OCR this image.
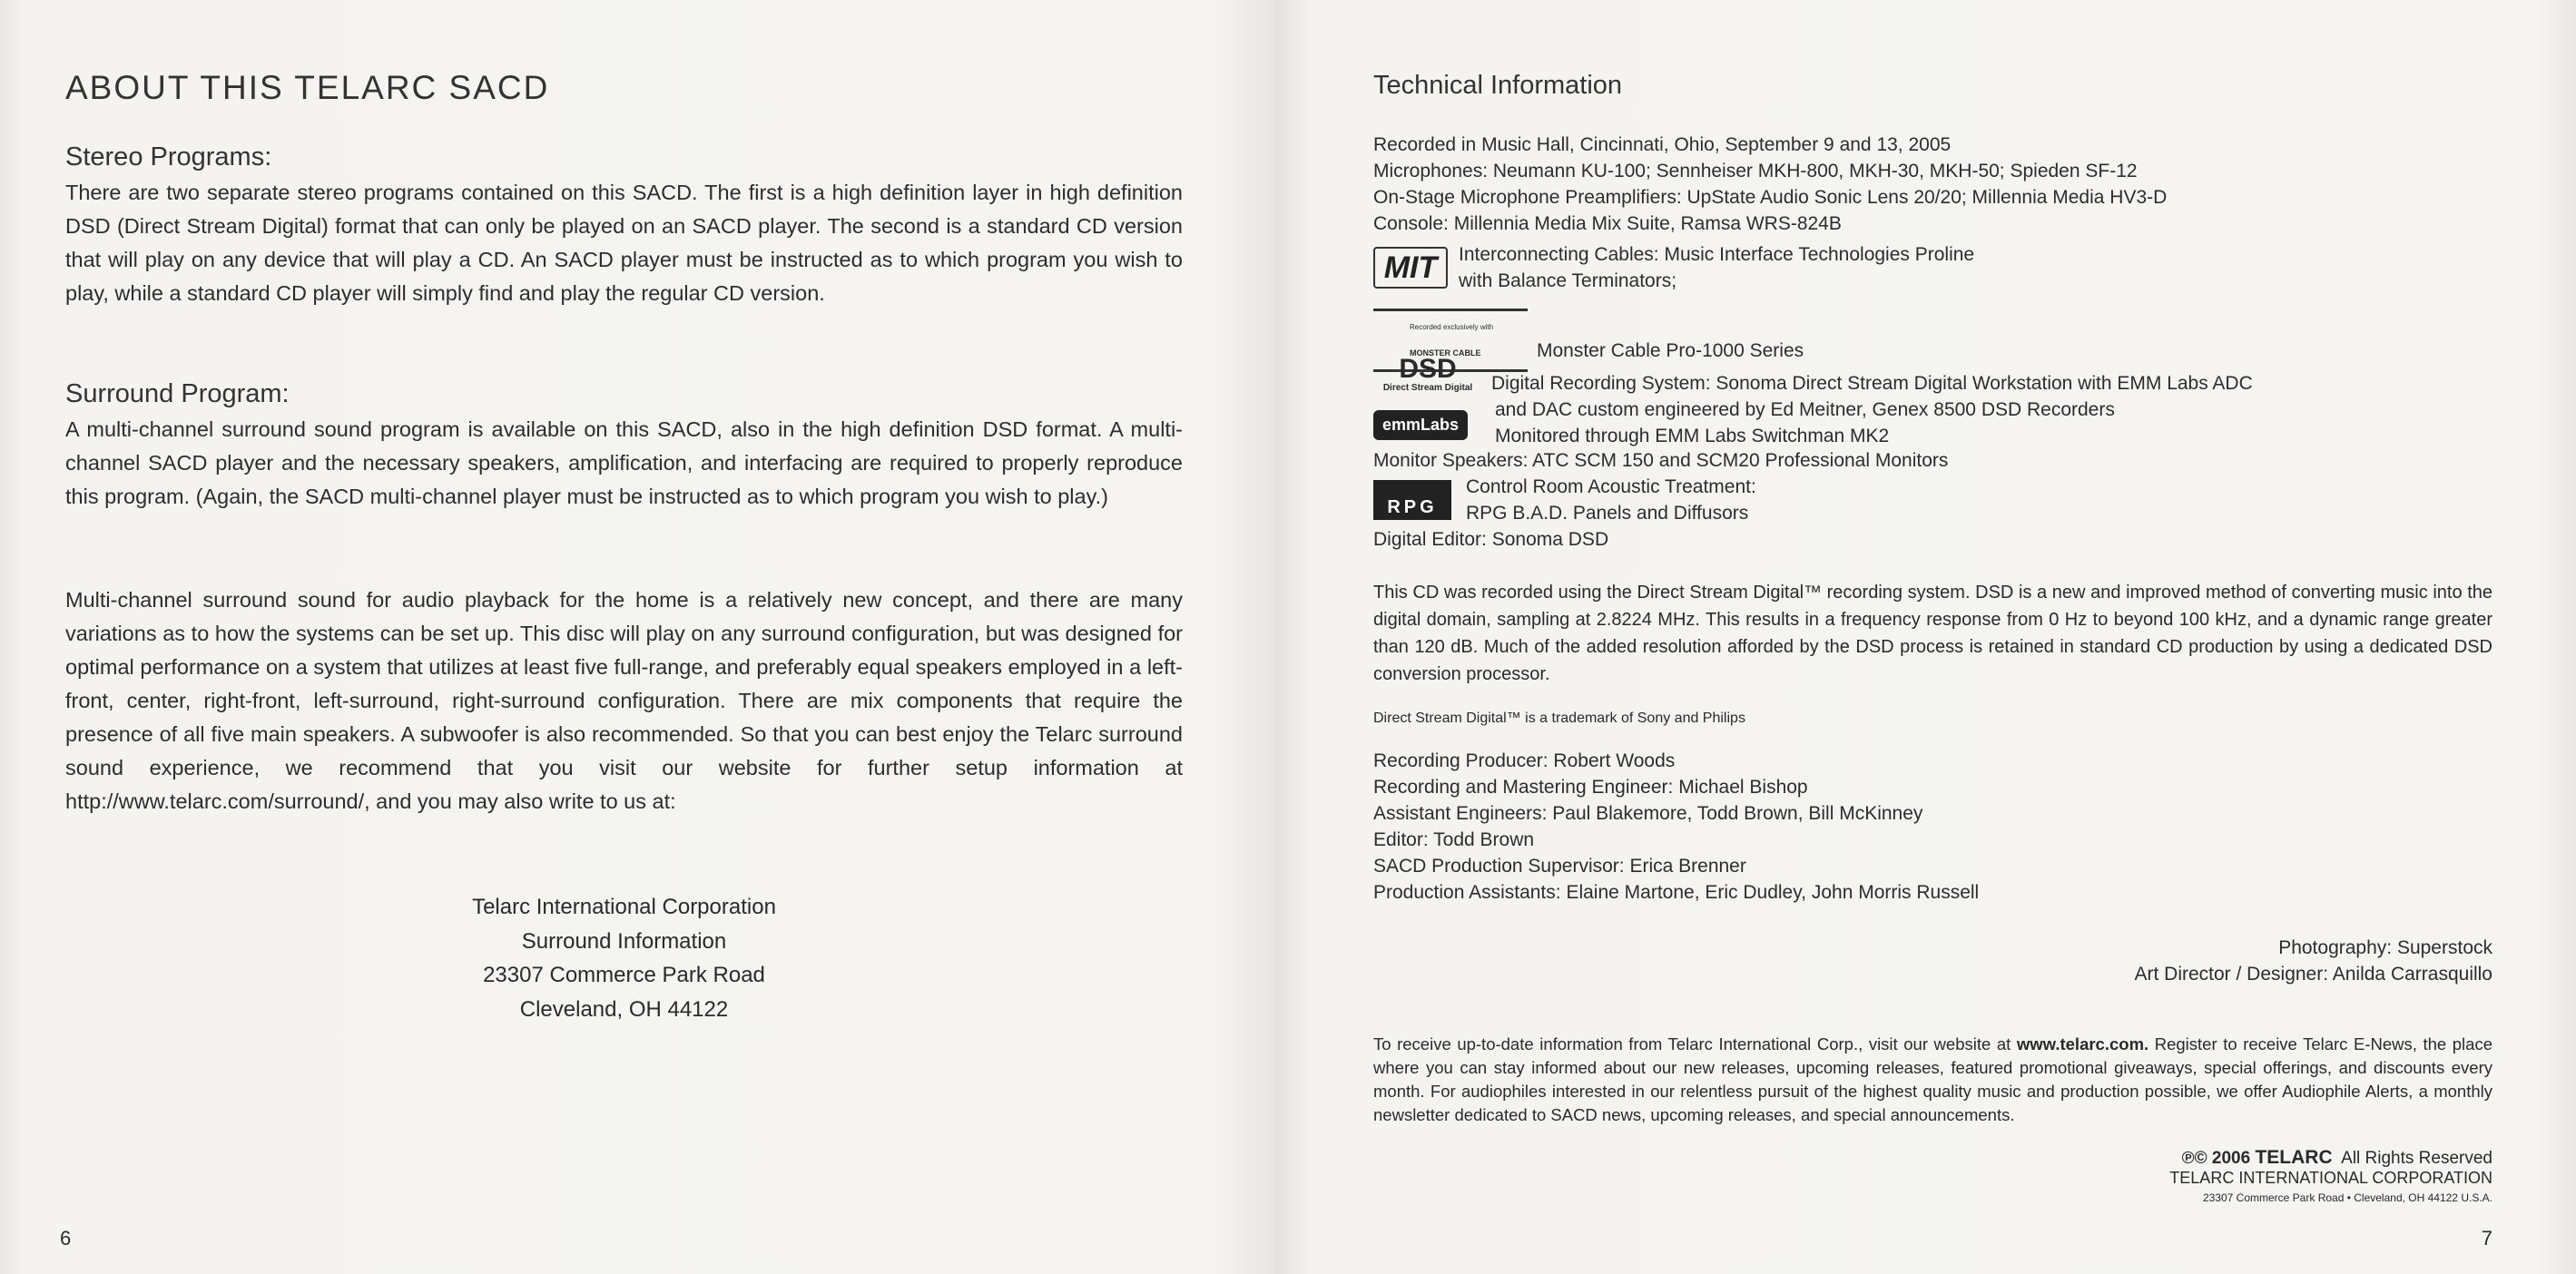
ABOUT THIS TELARC SACD
Stereo Programs:
There are two separate stereo programs contained on this SACD. The first is a high definition layer in high definition DSD (Direct Stream Digital) format that can only be played on an SACD player. The second is a standard CD version that will play on any device that will play a CD. An SACD player must be instructed as to which program you wish to play, while a standard CD player will simply find and play the regular CD version.
Surround Program:
A multi-channel surround sound program is available on this SACD, also in the high definition DSD format. A multi-channel SACD player and the necessary speakers, amplification, and interfacing are required to properly reproduce this program. (Again, the SACD multi-channel player must be instructed as to which program you wish to play.)
Multi-channel surround sound for audio playback for the home is a relatively new concept, and there are many variations as to how the systems can be set up. This disc will play on any surround configuration, but was designed for optimal performance on a system that utilizes at least five full-range, and preferably equal speakers employed in a left-front, center, right-front, left-surround, right-surround configuration. There are mix components that require the presence of all five main speakers. A subwoofer is also recommended. So that you can best enjoy the Telarc surround sound experience, we recommend that you visit our website for further setup information at http://www.telarc.com/surround/, and you may also write to us at:
Telarc International Corporation
Surround Information
23307 Commerce Park Road
Cleveland, OH 44122
6
Technical Information
Recorded in Music Hall, Cincinnati, Ohio, September 9 and 13, 2005
Microphones: Neumann KU-100; Sennheiser MKH-800, MKH-30, MKH-50; Spieden SF-12
On-Stage Microphone Preamplifiers: UpState Audio Sonic Lens 20/20; Millennia Media HV3-D
Console: Millennia Media Mix Suite, Ramsa WRS-824B
MIT	Interconnecting Cables: Music Interface Technologies Proline
with Balance Terminators;
Recorded exclusively with
MONSTER CABLE	Monster Cable Pro-1000 Series
DSD
Direct Stream Digital
emmLabs
Digital Recording System: Sonoma Direct Stream Digital Workstation with EMM Labs ADC
and DAC custom engineered by Ed Meitner, Genex 8500 DSD Recorders
Monitored through EMM Labs Switchman MK2
Monitor Speakers: ATC SCM 150 and SCM20 Professional Monitors
RPG
Control Room Acoustic Treatment:
RPG B.A.D. Panels and Diffusors
Digital Editor: Sonoma DSD
This CD was recorded using the Direct Stream Digital™ recording system. DSD is a new and improved method of converting music into the digital domain, sampling at 2.8224 MHz. This results in a frequency response from 0 Hz to beyond 100 kHz, and a dynamic range greater than 120 dB. Much of the added resolution afforded by the DSD process is retained in standard CD production by using a dedicated DSD conversion processor.
Direct Stream Digital™ is a trademark of Sony and Philips
Recording Producer: Robert Woods
Recording and Mastering Engineer: Michael Bishop
Assistant Engineers: Paul Blakemore, Todd Brown, Bill McKinney
Editor: Todd Brown
SACD Production Supervisor: Erica Brenner
Production Assistants: Elaine Martone, Eric Dudley, John Morris Russell
Photography: Superstock
Art Director / Designer: Anilda Carrasquillo
To receive up-to-date information from Telarc International Corp., visit our website at www.telarc.com. Register to receive Telarc E-News, the place where you can stay informed about our new releases, upcoming releases, featured promotional giveaways, special offerings, and discounts every month. For audiophiles interested in our relentless pursuit of the highest quality music and production possible, we offer Audiophile Alerts, a monthly newsletter dedicated to SACD news, upcoming releases, and special announcements.
℗© 2006 TELARC All Rights Reserved
TELARC INTERNATIONAL CORPORATION
23307 Commerce Park Road • Cleveland, OH 44122 U.S.A.
7
